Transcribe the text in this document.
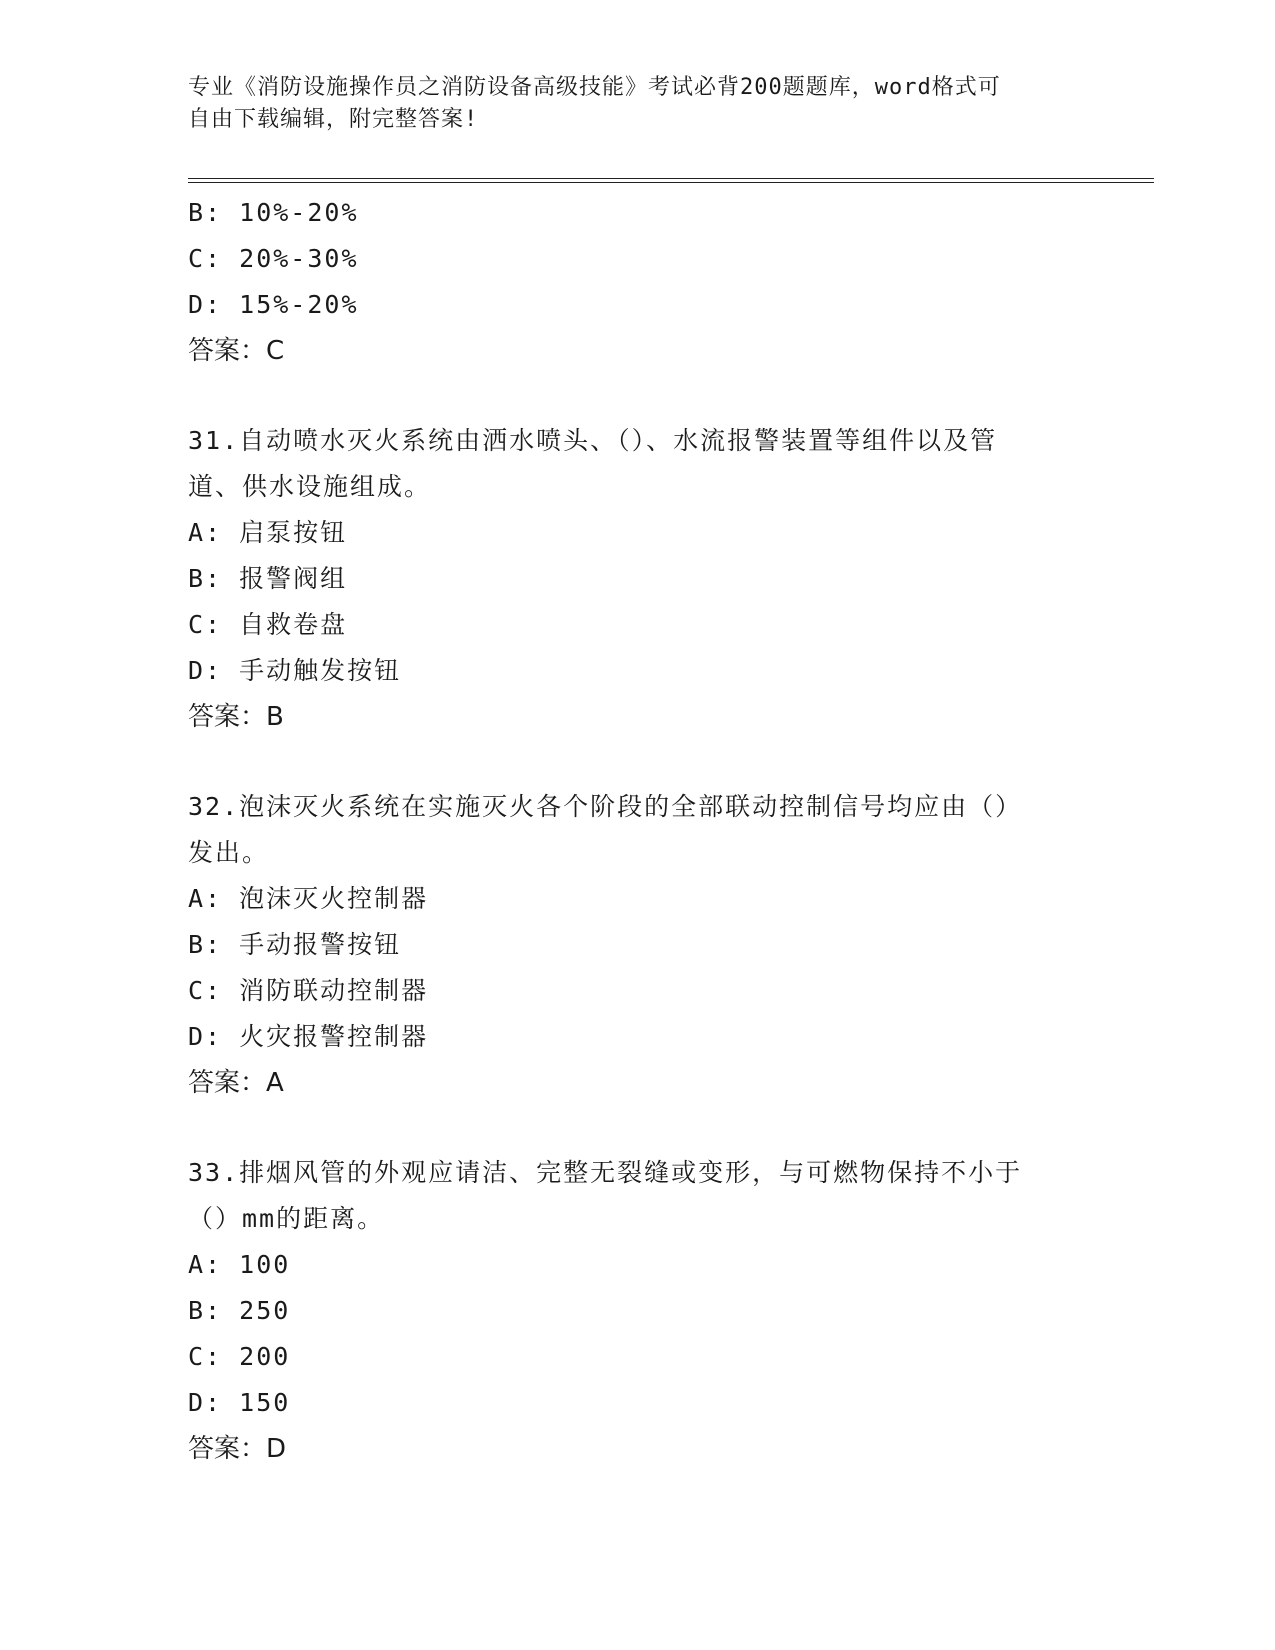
专业《消防设施操作员之消防设备高级技能》考试必背200题题库，word格式可
自由下载编辑，附完整答案!
B: 10%-20%
C: 20%-30%
D: 15%-20%
答案：C
31.自动喷水灭火系统由洒水喷头、（）、水流报警装置等组件以及管
道、供水设施组成。
A: 启泵按钮
B: 报警阀组
C: 自救卷盘
D: 手动触发按钮
答案：B
32.泡沫灭火系统在实施灭火各个阶段的全部联动控制信号均应由（）
发出。
A: 泡沫灭火控制器
B: 手动报警按钮
C: 消防联动控制器
D: 火灾报警控制器
答案：A
33.排烟风管的外观应请洁、完整无裂缝或变形，与可燃物保持不小于
（）mm的距离。
A: 100
B: 250
C: 200
D: 150
答案：D
